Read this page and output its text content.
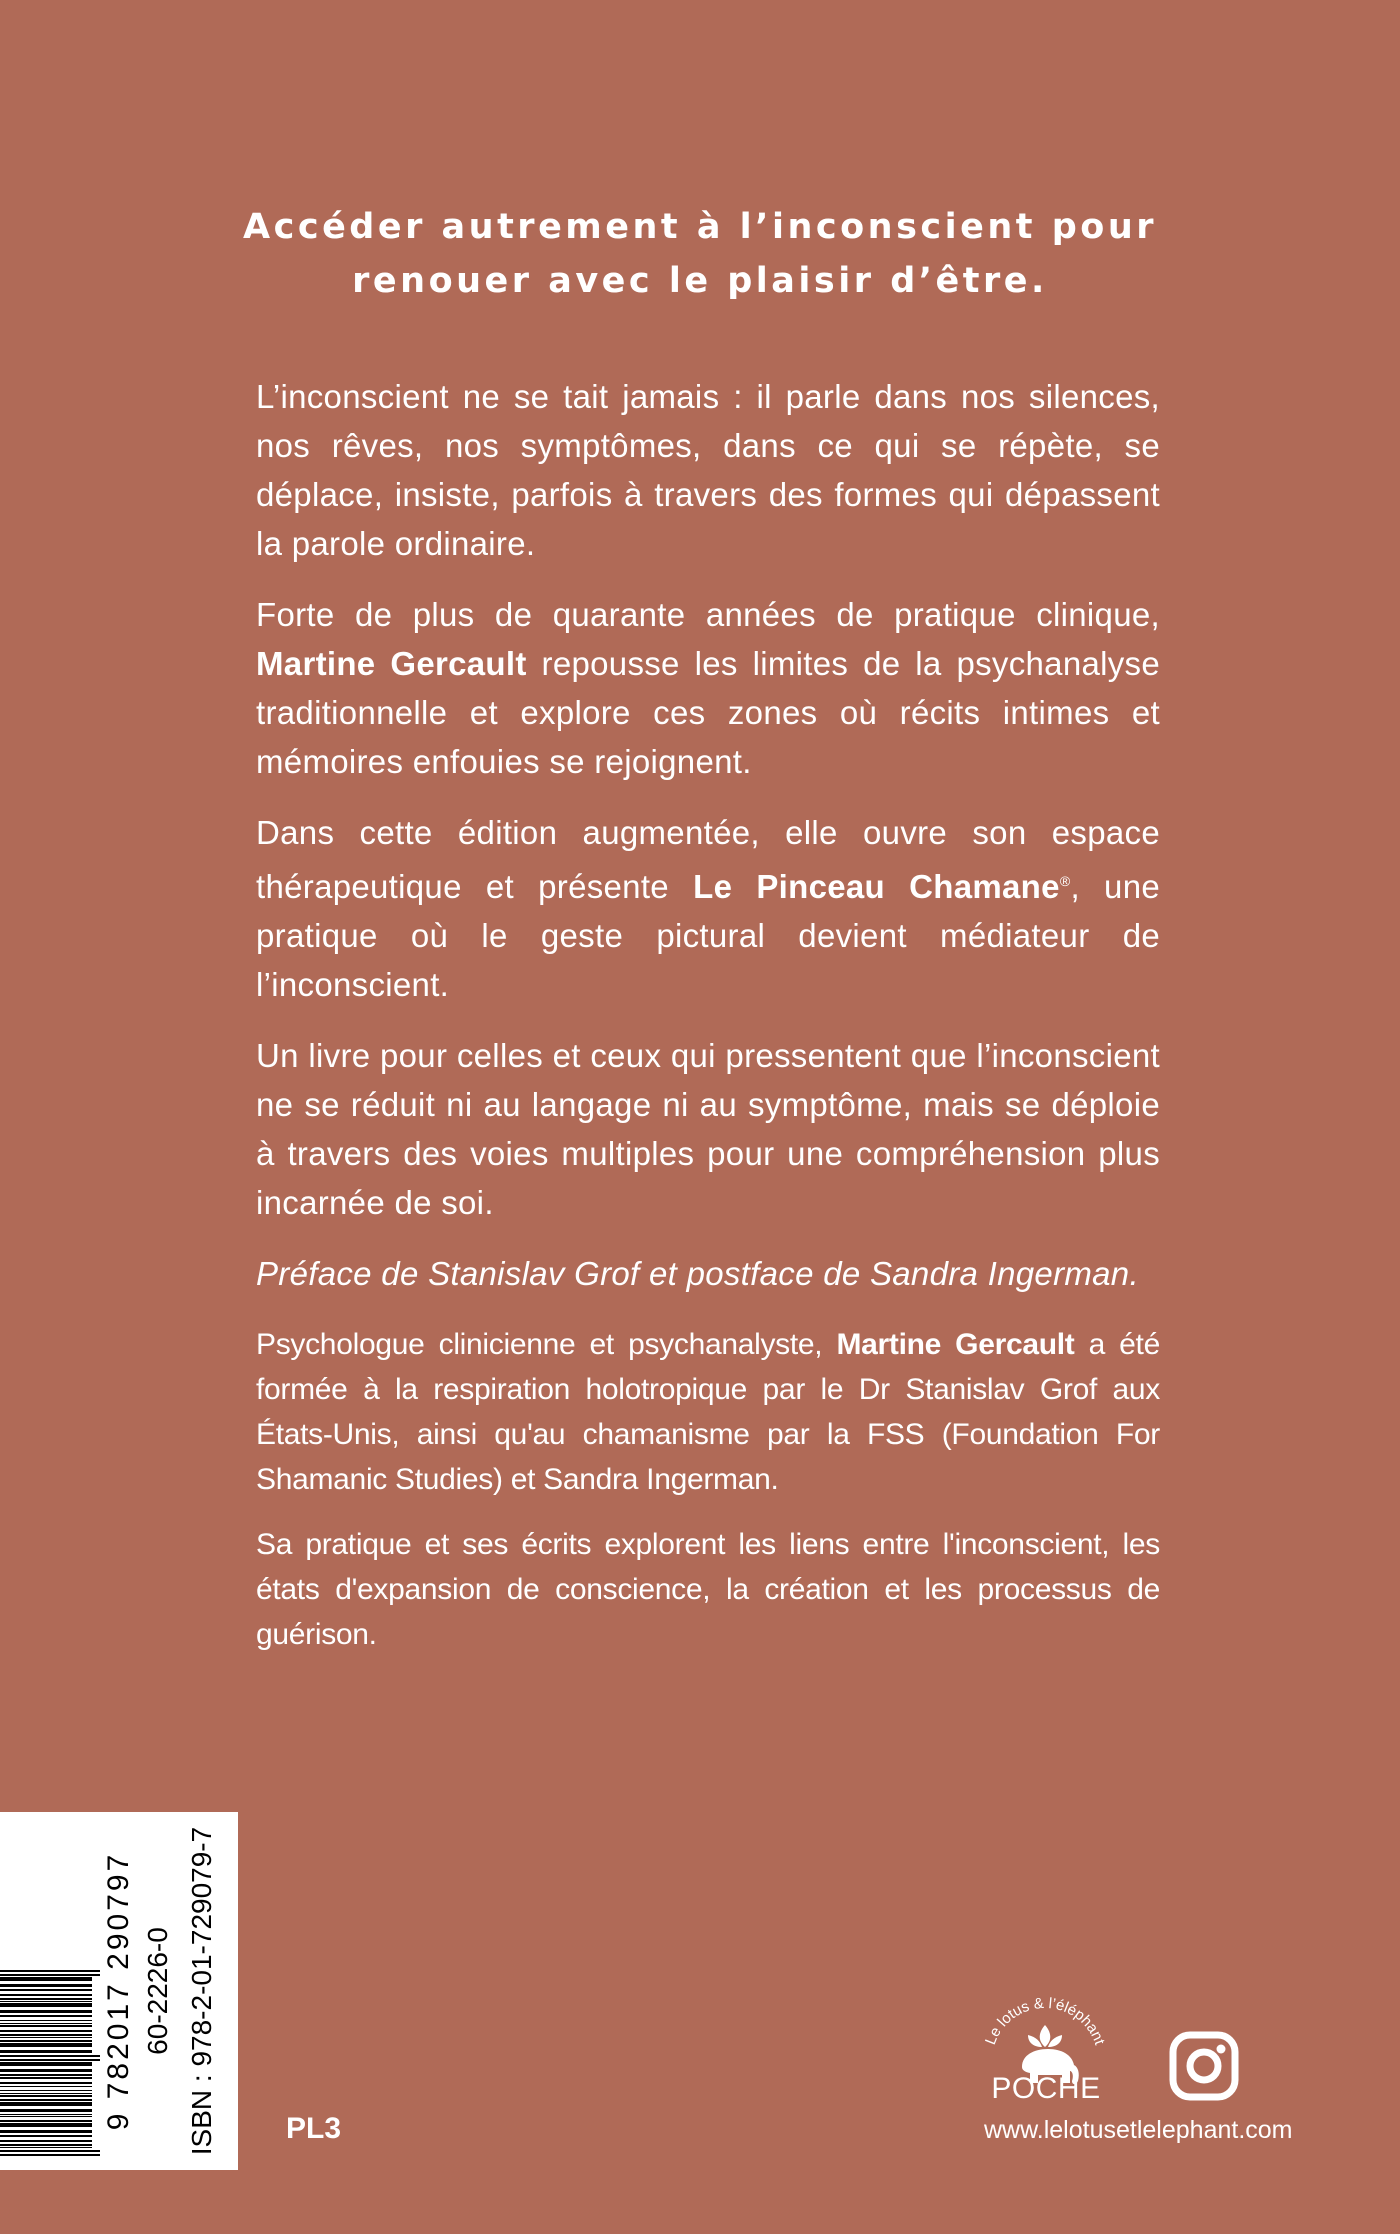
Accéder autrement à l’inconscient pour
renouer avec le plaisir d’être.

L’inconscient ne se tait jamais : il parle dans nos silences, nos rêves, nos symptômes, dans ce qui se répète, se déplace, insiste, parfois à travers des formes qui dépassent la parole ordinaire.

Forte de plus de quarante années de pratique clinique, Martine Gercault repousse les limites de la psychanalyse traditionnelle et explore ces zones où récits intimes et mémoires enfouies se rejoignent.

Dans cette édition augmentée, elle ouvre son espace thérapeutique et présente Le Pinceau Chamane®, une pratique où le geste pictural devient médiateur de l’inconscient.

Un livre pour celles et ceux qui pressentent que l’inconscient ne se réduit ni au langage ni au symptôme, mais se déploie à travers des voies multiples pour une compréhension plus incarnée de soi.

Préface de Stanislav Grof et postface de Sandra Ingerman.

Psychologue clinicienne et psychanalyste, Martine Gercault a été formée à la respiration holotropique par le Dr Stanislav Grof aux États-Unis, ainsi qu'au chamanisme par la FSS (Foundation For Shamanic Studies) et Sandra Ingerman.

Sa pratique et ses écrits explorent les liens entre l'inconscient, les états d'expansion de conscience, la création et les processus de guérison.

9 782017 290797 60-2226-0 ISBN : 978-2-01-729079-7 PL3
Le lotus & l’éléphant
POCHE
www.lelotusetlelephant.com
